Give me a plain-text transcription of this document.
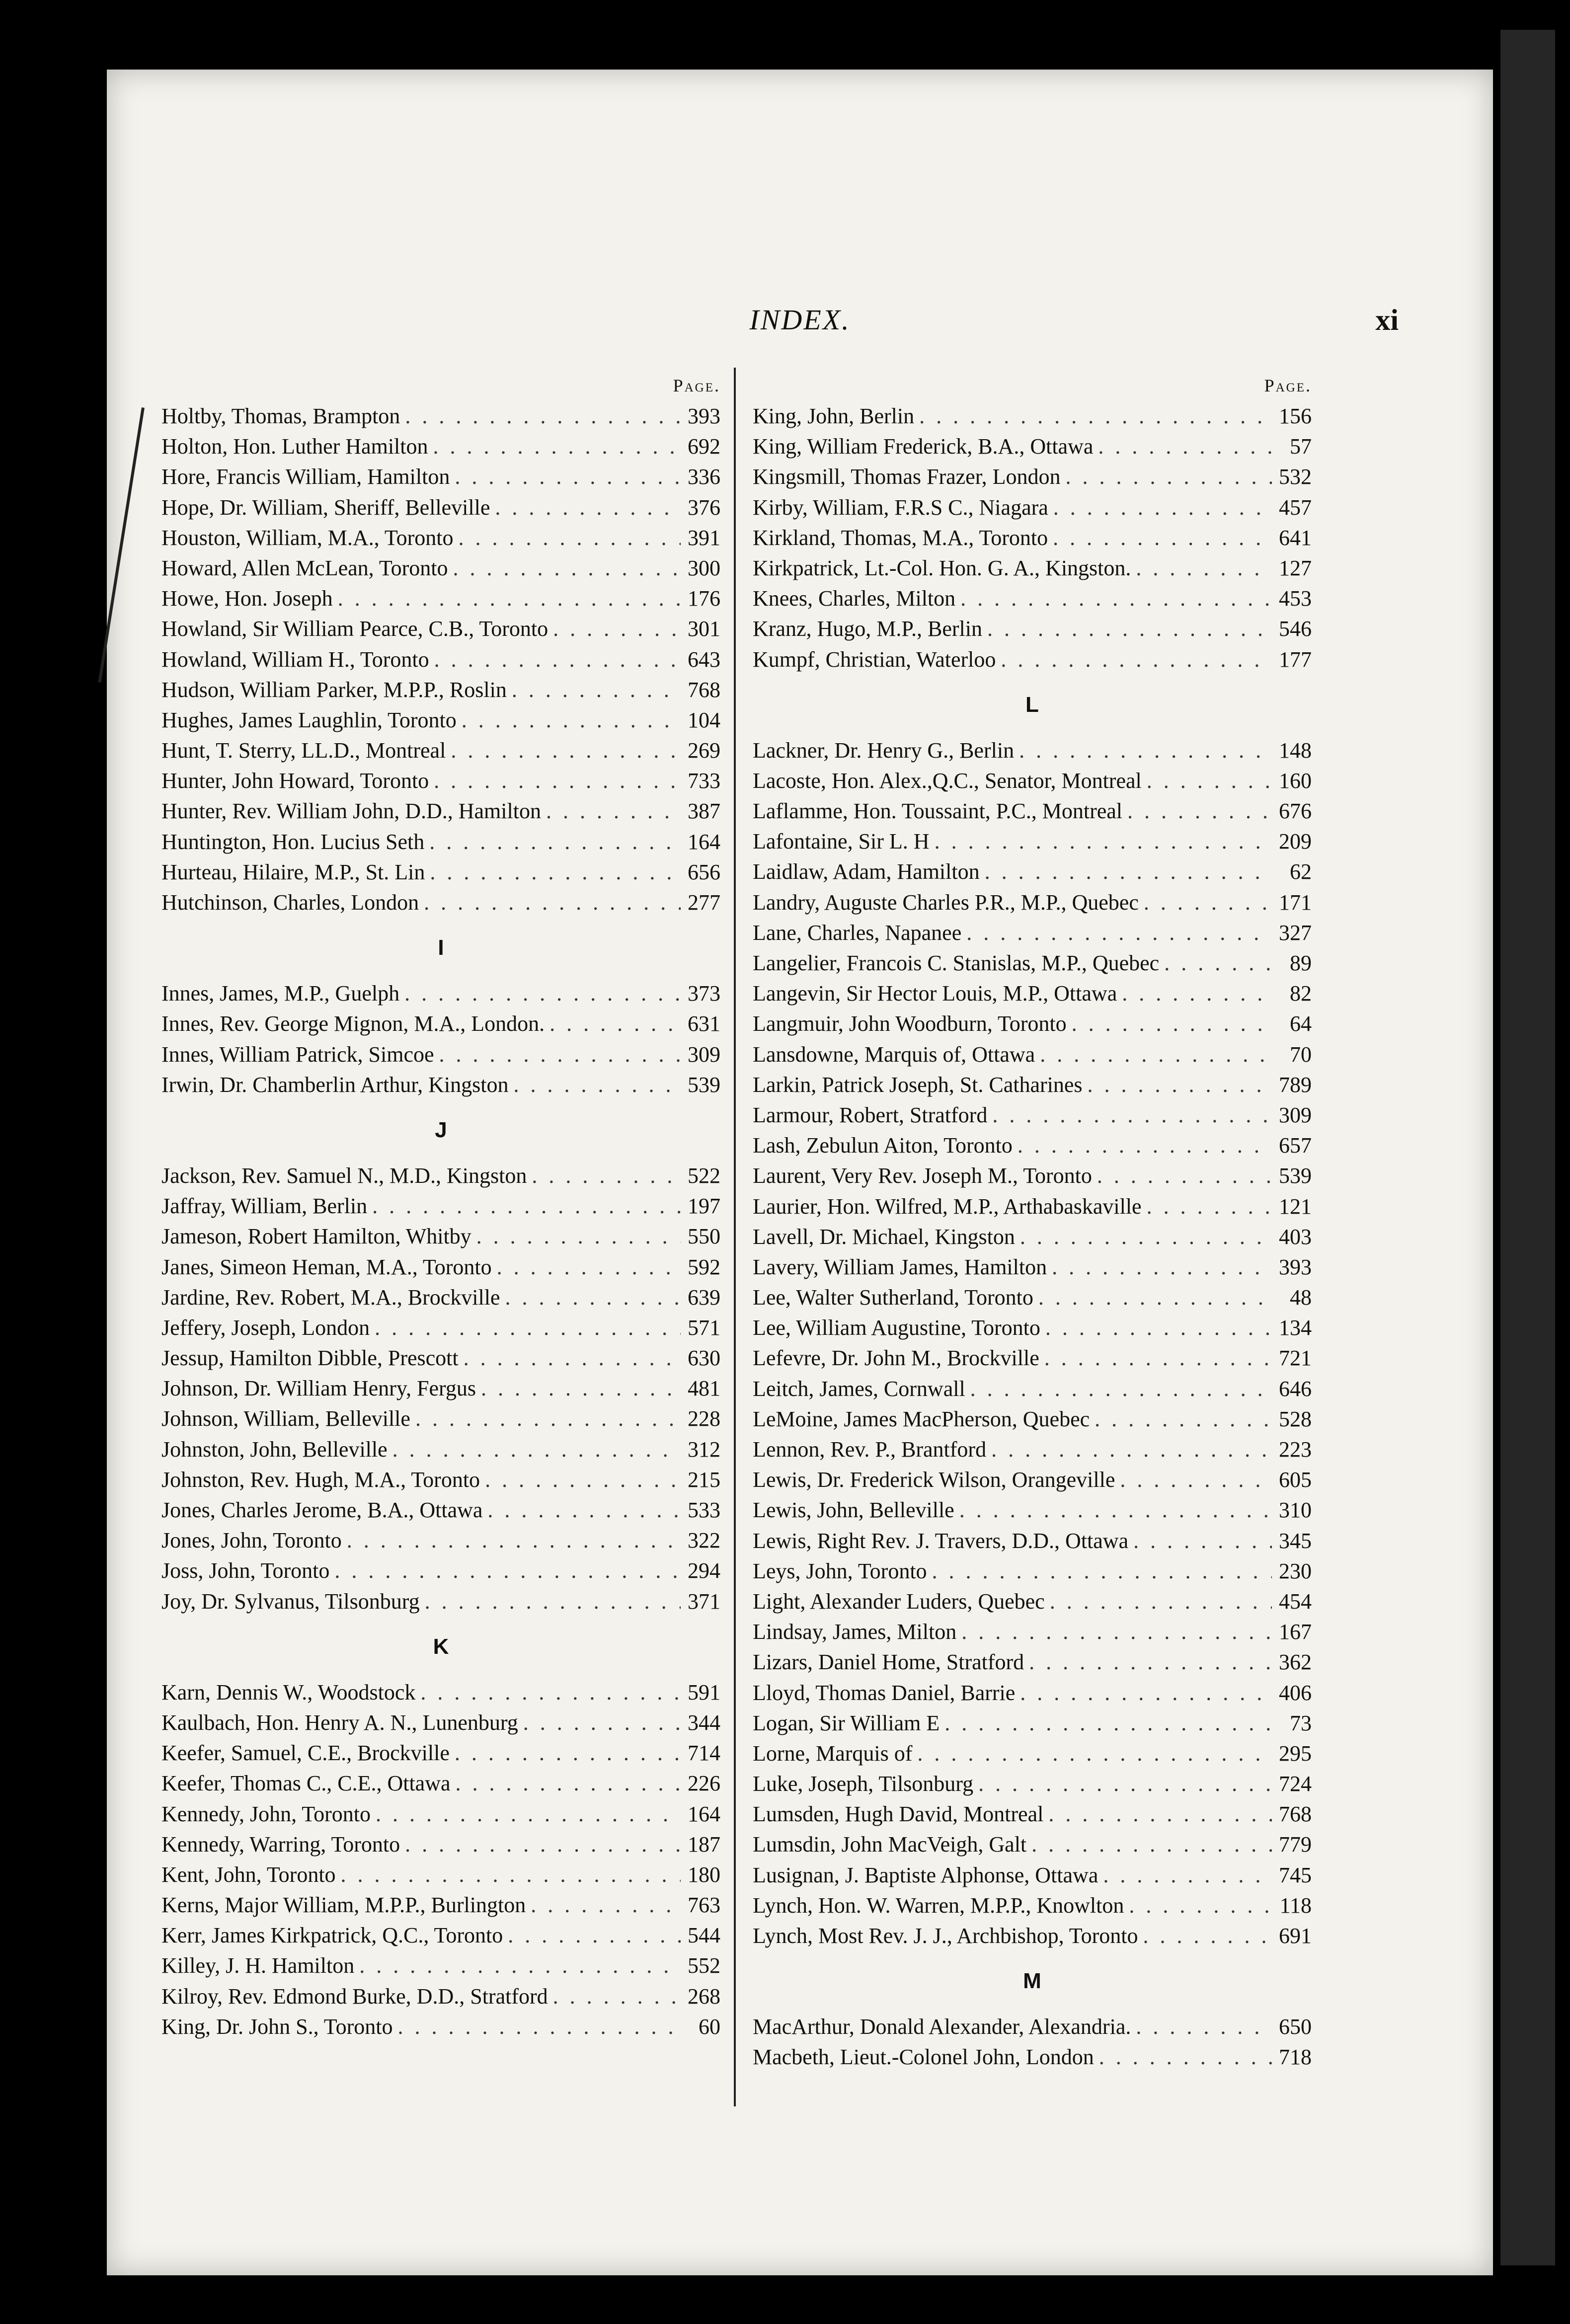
INDEX.	xi
Page.
Holtby, Thomas, Brampton . . .	393
Holton, Hon. Luther Hamilton . . .	692
Hore, Francis William, Hamilton . . .	336
Hope, Dr. William, Sheriff, Belleville . . .	376
Houston, William, M.A., Toronto . . .	391
Howard, Allen McLean, Toronto . . .	300
Howe, Hon. Joseph . . .	176
Howland, Sir William Pearce, C.B., Toronto . . .	301
Howland, William H., Toronto . . .	643
Hudson, William Parker, M.P.P., Roslin . . .	768
Hughes, James Laughlin, Toronto . . .	104
Hunt, T. Sterry, LL.D., Montreal . . .	269
Hunter, John Howard, Toronto . . .	733
Hunter, Rev. William John, D.D., Hamilton . . .	387
Huntington, Hon. Lucius Seth . . .	164
Hurteau, Hilaire, M.P., St. Lin . . .	656
Hutchinson, Charles, London . . .	277
I
Innes, James, M.P., Guelph . . .	373
Innes, Rev. George Mignon, M.A., London. . . .	631
Innes, William Patrick, Simcoe . . .	309
Irwin, Dr. Chamberlin Arthur, Kingston . . .	539
J
Jackson, Rev. Samuel N., M.D., Kingston . . .	522
Jaffray, William, Berlin . . .	197
Jameson, Robert Hamilton, Whitby . . .	550
Janes, Simeon Heman, M.A., Toronto . . .	592
Jardine, Rev. Robert, M.A., Brockville . . .	639
Jeffery, Joseph, London . . .	571
Jessup, Hamilton Dibble, Prescott . . .	630
Johnson, Dr. William Henry, Fergus . . .	481
Johnson, William, Belleville . . .	228
Johnston, John, Belleville . . .	312
Johnston, Rev. Hugh, M.A., Toronto . . .	215
Jones, Charles Jerome, B.A., Ottawa . . .	533
Jones, John, Toronto . . .	322
Joss, John, Toronto . . .	294
Joy, Dr. Sylvanus, Tilsonburg . . .	371
K
Karn, Dennis W., Woodstock . . .	591
Kaulbach, Hon. Henry A. N., Lunenburg . . .	344
Keefer, Samuel, C.E., Brockville . . .	714
Keefer, Thomas C., C.E., Ottawa . . .	226
Kennedy, John, Toronto . . .	164
Kennedy, Warring, Toronto . . .	187
Kent, John, Toronto . . .	180
Kerns, Major William, M.P.P., Burlington . . .	763
Kerr, James Kirkpatrick, Q.C., Toronto . . .	544
Killey, J. H. Hamilton . . .	552
Kilroy, Rev. Edmond Burke, D.D., Stratford . . .	268
King, Dr. John S., Toronto . . .	60
Page.
King, John, Berlin . . .	156
King, William Frederick, B.A., Ottawa . . .	57
Kingsmill, Thomas Frazer, London . . .	532
Kirby, William, F.R.S C., Niagara . . .	457
Kirkland, Thomas, M.A., Toronto . . .	641
Kirkpatrick, Lt.-Col. Hon. G. A., Kingston. . . .	127
Knees, Charles, Milton . . .	453
Kranz, Hugo, M.P., Berlin . . .	546
Kumpf, Christian, Waterloo . . .	177
L
Lackner, Dr. Henry G., Berlin . . .	148
Lacoste, Hon. Alex.,Q.C., Senator, Montreal . . .	160
Laflamme, Hon. Toussaint, P.C., Montreal . . .	676
Lafontaine, Sir L. H . . .	209
Laidlaw, Adam, Hamilton . . .	62
Landry, Auguste Charles P.R., M.P., Quebec . . .	171
Lane, Charles, Napanee . . .	327
Langelier, Francois C. Stanislas, M.P., Quebec . . .	89
Langevin, Sir Hector Louis, M.P., Ottawa . . .	82
Langmuir, John Woodburn, Toronto . . .	64
Lansdowne, Marquis of, Ottawa . . .	70
Larkin, Patrick Joseph, St. Catharines . . .	789
Larmour, Robert, Stratford . . .	309
Lash, Zebulun Aiton, Toronto . . .	657
Laurent, Very Rev. Joseph M., Toronto . . .	539
Laurier, Hon. Wilfred, M.P., Arthabaskaville . . .	121
Lavell, Dr. Michael, Kingston . . .	403
Lavery, William James, Hamilton . . .	393
Lee, Walter Sutherland, Toronto . . .	48
Lee, William Augustine, Toronto . . .	134
Lefevre, Dr. John M., Brockville . . .	721
Leitch, James, Cornwall . . .	646
LeMoine, James MacPherson, Quebec . . .	528
Lennon, Rev. P., Brantford . . .	223
Lewis, Dr. Frederick Wilson, Orangeville . . .	605
Lewis, John, Belleville . . .	310
Lewis, Right Rev. J. Travers, D.D., Ottawa . . .	345
Leys, John, Toronto . . .	230
Light, Alexander Luders, Quebec . . .	454
Lindsay, James, Milton . . .	167
Lizars, Daniel Home, Stratford . . .	362
Lloyd, Thomas Daniel, Barrie . . .	406
Logan, Sir William E . . .	73
Lorne, Marquis of . . .	295
Luke, Joseph, Tilsonburg . . .	724
Lumsden, Hugh David, Montreal . . .	768
Lumsdin, John MacVeigh, Galt . . .	779
Lusignan, J. Baptiste Alphonse, Ottawa . . .	745
Lynch, Hon. W. Warren, M.P.P., Knowlton . . .	118
Lynch, Most Rev. J. J., Archbishop, Toronto . . .	691
M
MacArthur, Donald Alexander, Alexandria. . . .	650
Macbeth, Lieut.-Colonel John, London . . .	718
